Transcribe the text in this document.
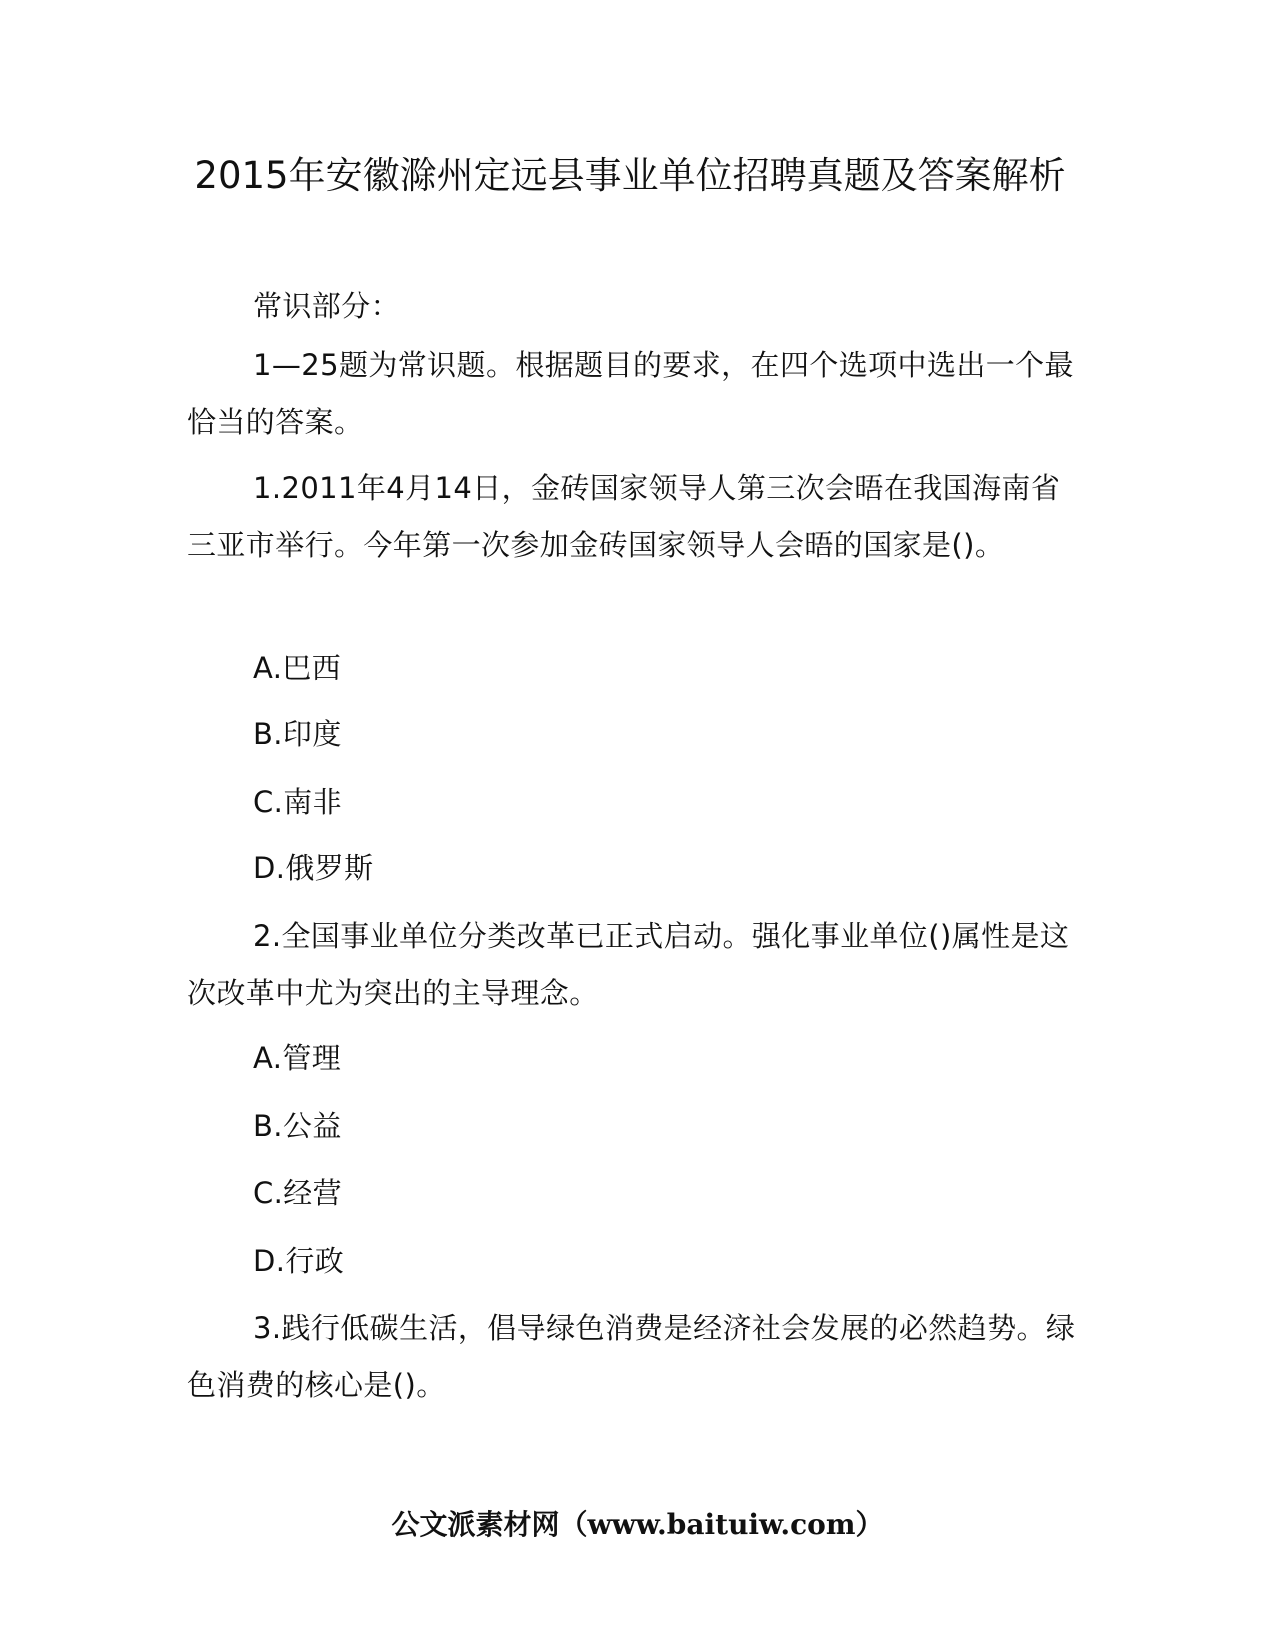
2015年安徽滁州定远县事业单位招聘真题及答案解析

常识部分：

1—25题为常识题。根据题目的要求，在四个选项中选出一个最恰当的答案。

1.2011年4月14日，金砖国家领导人第三次会晤在我国海南省三亚市举行。今年第一次参加金砖国家领导人会晤的国家是()。

A.巴西

B.印度

C.南非

D.俄罗斯

2.全国事业单位分类改革已正式启动。强化事业单位()属性是这次改革中尤为突出的主导理念。

A.管理

B.公益

C.经营

D.行政

3.践行低碳生活，倡导绿色消费是经济社会发展的必然趋势。绿色消费的核心是()。

公文派素材网（www.baituiw.com）
